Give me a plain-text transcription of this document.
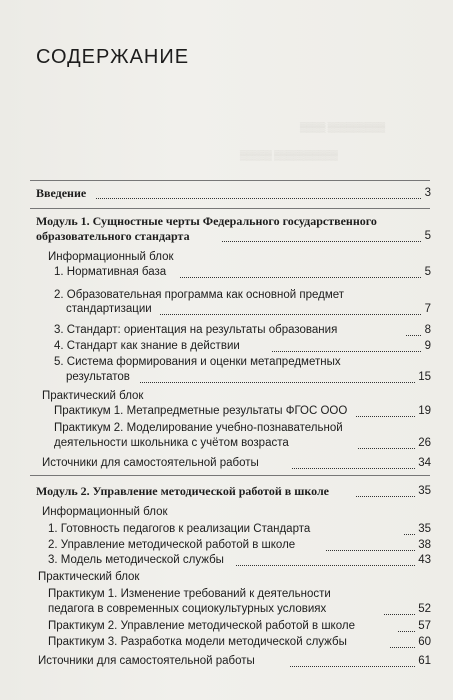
▒▒▒▒▒▒▒▒▒ ▒▒▒▒
▒▒▒▒▒▒▒▒▒▒ ▒▒▒▒▒
СОДЕРЖАНИЕ
Введение	3
Модуль 1. Сущностные черты Федерального государственного
образовательного стандарта	5
Информационный блок
1. Нормативная база	5
2. Образовательная программа как основной предмет
стандартизации	7
3. Стандарт: ориентация на результаты образования	8
4. Стандарт как знание в действии	9
5. Система формирования и оценки метапредметных
результатов	15
Практический блок
Практикум 1. Метапредметные результаты ФГОС ООО	19
Практикум 2. Моделирование учебно-познавательной
деятельности школьника с учётом возраста	26
Источники для самостоятельной работы	34
Модуль 2. Управление методической работой в школе	35
Информационный блок
1. Готовность педагогов к реализации Стандарта	35
2. Управление методической работой в школе	38
3. Модель методической службы	43
Практический блок
Практикум 1. Изменение требований к деятельности
педагога в современных социокультурных условиях	52
Практикум 2. Управление методической работой в школе	57
Практикум 3. Разработка модели методической службы	60
Источники для самостоятельной работы	61
